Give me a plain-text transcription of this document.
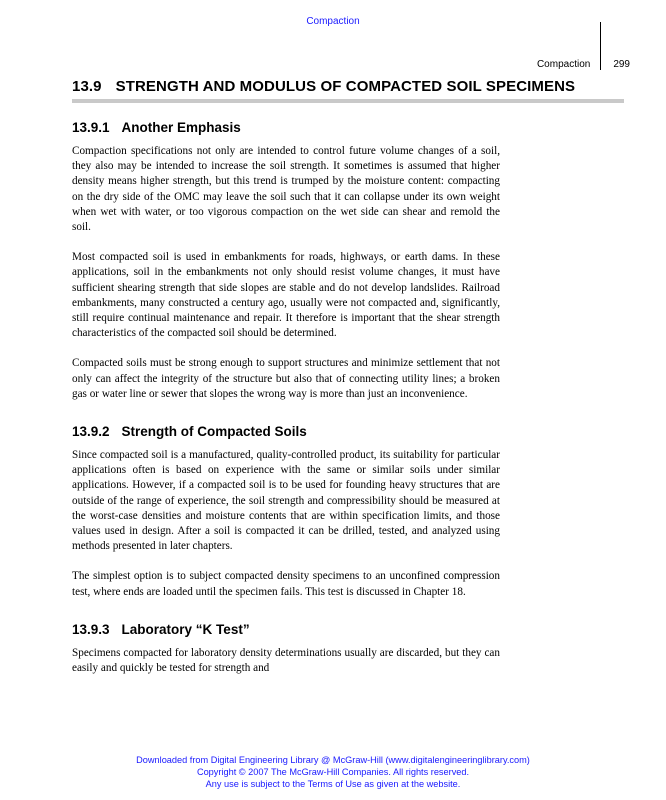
Compaction
Compaction 299
13.9 STRENGTH AND MODULUS OF COMPACTED SOIL SPECIMENS
13.9.1 Another Emphasis

Compaction specifications not only are intended to control future volume changes of a soil, they also may be intended to increase the soil strength. It sometimes is assumed that higher density means higher strength, but this trend is trumped by the moisture content: compacting on the dry side of the OMC may leave the soil such that it can collapse under its own weight when wet with water, or too vigorous compaction on the wet side can shear and remold the soil.

Most compacted soil is used in embankments for roads, highways, or earth dams. In these applications, soil in the embankments not only should resist volume changes, it must have sufficient shearing strength that side slopes are stable and do not develop landslides. Railroad embankments, many constructed a century ago, usually were not compacted and, significantly, still require continual maintenance and repair. It therefore is important that the shear strength characteristics of the compacted soil should be determined.

Compacted soils must be strong enough to support structures and minimize settlement that not only can affect the integrity of the structure but also that of connecting utility lines; a broken gas or water line or sewer that slopes the wrong way is more than just an inconvenience.

13.9.2 Strength of Compacted Soils

Since compacted soil is a manufactured, quality-controlled product, its suitability for particular applications often is based on experience with the same or similar soils under similar applications. However, if a compacted soil is to be used for founding heavy structures that are outside of the range of experience, the soil strength and compressibility should be measured at the worst-case densities and moisture contents that are within specification limits, and those values used in design. After a soil is compacted it can be drilled, tested, and analyzed using methods presented in later chapters.

The simplest option is to subject compacted density specimens to an unconfined compression test, where ends are loaded until the specimen fails. This test is discussed in Chapter 18.

13.9.3 Laboratory “K Test”

Specimens compacted for laboratory density determinations usually are discarded, but they can easily and quickly be tested for strength and

Downloaded from Digital Engineering Library @ McGraw-Hill (www.digitalengineeringlibrary.com)
Copyright © 2007 The McGraw-Hill Companies. All rights reserved.
Any use is subject to the Terms of Use as given at the website.
